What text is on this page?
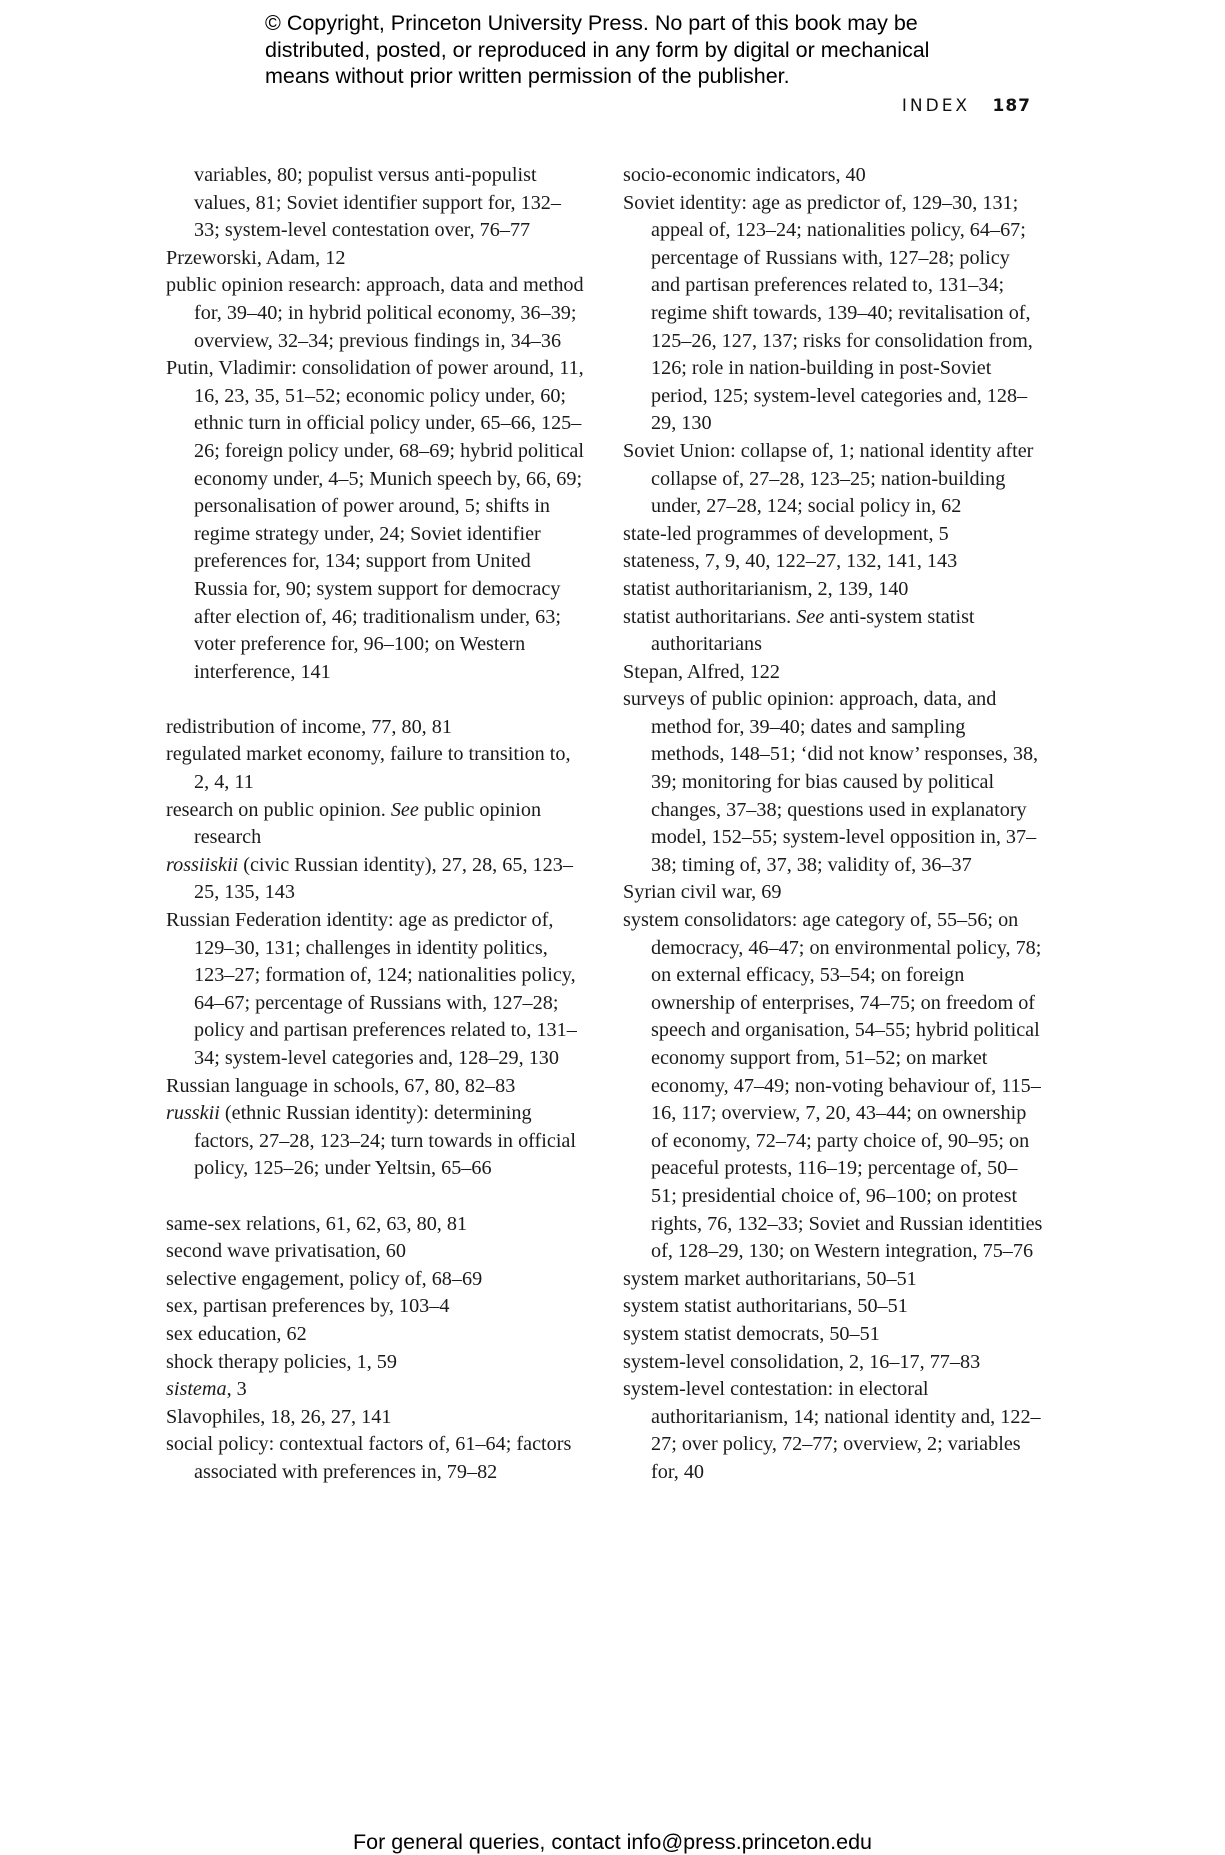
© Copyright, Princeton University Press. No part of this book may be
distributed, posted, or reproduced in any form by digital or mechanical
means without prior written permission of the publisher.
INDEX 187

variables, 80; populist versus anti-populist values, 81; Soviet identifier support for, 132–33; system-level contestation over, 76–77

Przeworski, Adam, 12

public opinion research: approach, data and method for, 39–40; in hybrid political economy, 36–39; overview, 32–34; previous findings in, 34–36

Putin, Vladimir: consolidation of power around, 11, 16, 23, 35, 51–52; economic policy under, 60; ethnic turn in official policy under, 65–66, 125–26; foreign policy under, 68–69; hybrid political economy under, 4–5; Munich speech by, 66, 69; personalisation of power around, 5; shifts in regime strategy under, 24; Soviet identifier preferences for, 134; support from United Russia for, 90; system support for democracy after election of, 46; traditionalism under, 63; voter preference for, 96–100; on Western interference, 141

redistribution of income, 77, 80, 81

regulated market economy, failure to transition to, 2, 4, 11

research on public opinion. See public opinion research

rossiiskii (civic Russian identity), 27, 28, 65, 123–25, 135, 143

Russian Federation identity: age as predictor of, 129–30, 131; challenges in identity politics, 123–27; formation of, 124; nationalities policy, 64–67; percentage of Russians with, 127–28; policy and partisan preferences related to, 131–34; system-level categories and, 128–29, 130

Russian language in schools, 67, 80, 82–83

russkii (ethnic Russian identity): determining factors, 27–28, 123–24; turn towards in official policy, 125–26; under Yeltsin, 65–66

same-sex relations, 61, 62, 63, 80, 81

second wave privatisation, 60

selective engagement, policy of, 68–69

sex, partisan preferences by, 103–4

sex education, 62

shock therapy policies, 1, 59

sistema, 3

Slavophiles, 18, 26, 27, 141

social policy: contextual factors of, 61–64; factors associated with preferences in, 79–82

socio-economic indicators, 40

Soviet identity: age as predictor of, 129–30, 131; appeal of, 123–24; nationalities policy, 64–67; percentage of Russians with, 127–28; policy and partisan preferences related to, 131–34; regime shift towards, 139–40; revitalisation of, 125–26, 127, 137; risks for consolidation from, 126; role in nation-building in post-Soviet period, 125; system-level categories and, 128–29, 130

Soviet Union: collapse of, 1; national identity after collapse of, 27–28, 123–25; nation-building under, 27–28, 124; social policy in, 62

state-led programmes of development, 5

stateness, 7, 9, 40, 122–27, 132, 141, 143

statist authoritarianism, 2, 139, 140

statist authoritarians. See anti-system statist authoritarians

Stepan, Alfred, 122

surveys of public opinion: approach, data, and method for, 39–40; dates and sampling methods, 148–51; ‘did not know’ responses, 38, 39; monitoring for bias caused by political changes, 37–38; questions used in explanatory model, 152–55; system-level opposition in, 37–38; timing of, 37, 38; validity of, 36–37

Syrian civil war, 69

system consolidators: age category of, 55–56; on democracy, 46–47; on environmental policy, 78; on external efficacy, 53–54; on foreign ownership of enterprises, 74–75; on freedom of speech and organisation, 54–55; hybrid political economy support from, 51–52; on market economy, 47–49; non-voting behaviour of, 115–16, 117; overview, 7, 20, 43–44; on ownership of economy, 72–74; party choice of, 90–95; on peaceful protests, 116–19; percentage of, 50–51; presidential choice of, 96–100; on protest rights, 76, 132–33; Soviet and Russian identities of, 128–29, 130; on Western integration, 75–76

system market authoritarians, 50–51

system statist authoritarians, 50–51

system statist democrats, 50–51

system-level consolidation, 2, 16–17, 77–83

system-level contestation: in electoral authoritarianism, 14; national identity and, 122–27; over policy, 72–77; overview, 2; variables for, 40

For general queries, contact info@press.princeton.edu
